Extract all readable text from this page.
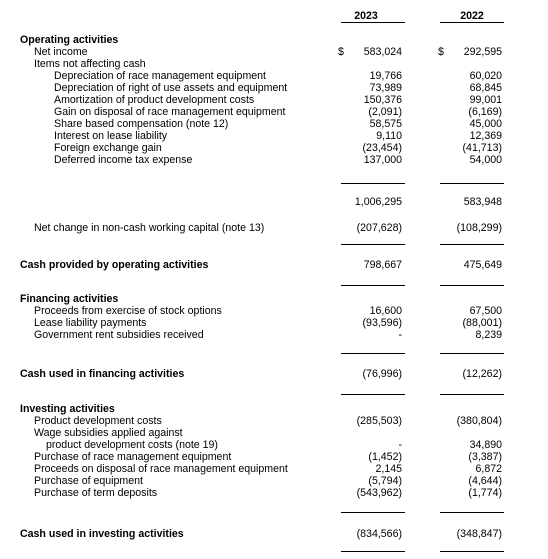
2023	2022
Operating activities
Net income	$	583,024	$	292,595
Items not affecting cash
Depreciation of race management equipment	19,766	60,020
Depreciation of right of use assets and equipment	73,989	68,845
Amortization of product development costs	150,376	99,001
Gain on disposal of race management equipment	(2,091)	(6,169)
Share based compensation (note 12)	58,575	45,000
Interest on lease liability	9,110	12,369
Foreign exchange gain	(23,454)	(41,713)
Deferred income tax expense	137,000	54,000
1,006,295	583,948
Net change in non-cash working capital (note 13)	(207,628)	(108,299)
Cash provided by operating activities	798,667	475,649
Financing activities
Proceeds from exercise of stock options	16,600	67,500
Lease liability payments	(93,596)	(88,001)
Government rent subsidies received	-	8,239
Cash used in financing activities	(76,996)	(12,262)
Investing activities
Product development costs	(285,503)	(380,804)
Wage subsidies applied against
product development costs (note 19)	-	34,890
Purchase of race management equipment	(1,452)	(3,387)
Proceeds on disposal of race management equipment	2,145	6,872
Purchase of equipment	(5,794)	(4,644)
Purchase of term deposits	(543,962)	(1,774)
Cash used in investing activities	(834,566)	(348,847)
